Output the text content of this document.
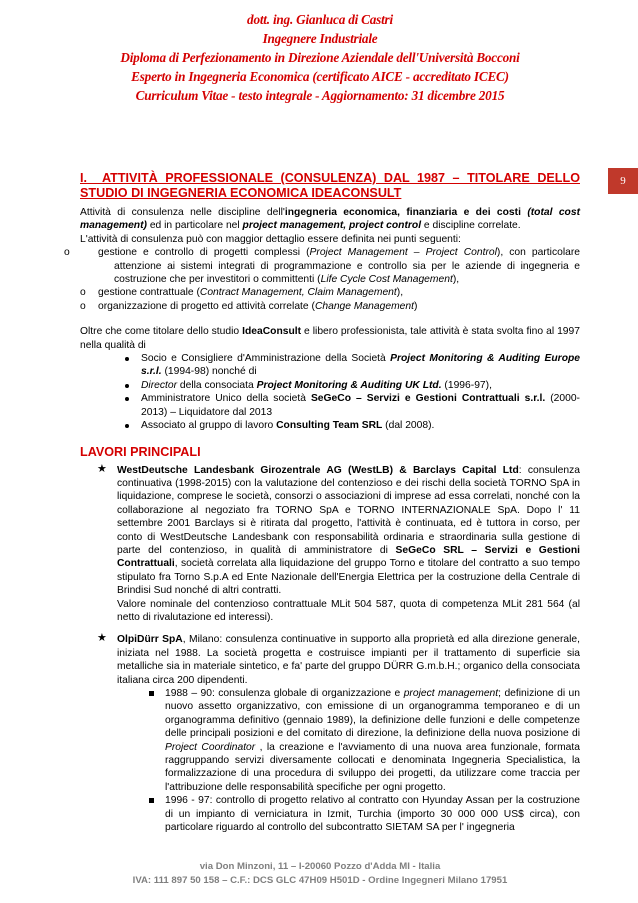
dott. ing. Gianluca di Castri
Ingegnere Industriale
Diploma di Perfezionamento in Direzione Aziendale dell'Università Bocconi
Esperto in Ingegneria Economica (certificato AICE - accreditato ICEC)
Curriculum Vitae - testo integrale - Aggiornamento: 31 dicembre 2015
9
I. ATTIVITÀ PROFESSIONALE (CONSULENZA) DAL 1987 – TITOLARE DELLO STUDIO DI INGEGNERIA ECONOMICA IDEACONSULT

Attività di consulenza nelle discipline dell'ingegneria economica, finanziaria e dei costi (total cost management) ed in particolare nel project management, project control e discipline correlate.

L'attività di consulenza può con maggior dettaglio essere definita nei punti seguenti:

o	gestione e controllo di progetti complessi (Project Management – Project Control), con particolare attenzione ai sistemi integrati di programmazione e controllo sia per le aziende di ingegneria e costruzione che per investitori o committenti (Life Cycle Cost Management),
o gestione contrattuale (Contract Management, Claim Management),
o organizzazione di progetto ed attività correlate (Change Management)

Oltre che come titolare dello studio IdeaConsult e libero professionista, tale attività è stata svolta fino al 1997 nella qualità di

Socio e Consigliere d'Amministrazione della Società Project Monitoring & Auditing Europe s.r.l. (1994-98) nonché di
Director della consociata Project Monitoring & Auditing UK Ltd. (1996-97),
Amministratore Unico della società SeGeCo – Servizi e Gestioni Contrattuali s.r.l. (2000-2013) – Liquidatore dal 2013
Associato al gruppo di lavoro Consulting Team SRL (dal 2008).
LAVORI PRINCIPALI
★ WestDeutsche Landesbank Girozentrale AG (WestLB) & Barclays Capital Ltd: consulenza continuativa (1998-2015) con la valutazione del contenzioso e dei rischi della società TORNO SpA in liquidazione, comprese le società, consorzi o associazioni di imprese ad essa correlati, nonché con la collaborazione al negoziato fra TORNO SpA e TORNO INTERNAZIONALE SpA. Dopo l' 11 settembre 2001 Barclays si è ritirata dal progetto, l'attività è continuata, ed è tuttora in corso, per conto di WestDeutsche Landesbank con responsabilità ordinaria e straordinaria sulla gestione di parte del contenzioso, in qualità di amministratore di SeGeCo SRL – Servizi e Gestioni Contrattuali, società correlata alla liquidazione del gruppo Torno e titolare del contratto a suo tempo stipulato fra Torno S.p.A ed Ente Nazionale dell'Energia Elettrica per la costruzione della Centrale di Brindisi Sud nonché di altri contratti.

Valore nominale del contenzioso contrattuale MLit 504 587, quota di competenza MLit 281 564 (al netto di rivalutazione ed interessi).

★ OlpiDürr SpA, Milano: consulenza continuative in supporto alla proprietà ed alla direzione generale, iniziata nel 1988. La società progetta e costruisce impianti per il trattamento di superficie sia metalliche sia in materiale sintetico, e fa' parte del gruppo DÜRR G.m.b.H.; organico della consociata italiana circa 200 dipendenti.

1988 – 90: consulenza globale di organizzazione e project management; definizione di un nuovo assetto organizzativo, con emissione di un organogramma temporaneo e di un organogramma definitivo (gennaio 1989), la definizione delle funzioni e delle competenze delle principali posizioni e del comitato di direzione, la definizione della nuova posizione di Project Coordinator , la creazione e l'avviamento di una nuova area funzionale, formata raggruppando servizi diversamente collocati e denominata Ingegneria Specialistica, la formalizzazione di una procedura di sviluppo dei progetti, da utilizzare come traccia per l'attribuzione delle responsabilità specifiche per ogni progetto.
1996 - 97: controllo di progetto relativo al contratto con Hyunday Assan per la costruzione di un impianto di verniciatura in Izmit, Turchia (importo 30 000 000 US$ circa), con particolare riguardo al controllo del subcontratto SIETAM SA per l' ingegneria
via Don Minzoni, 11 – I-20060 Pozzo d'Adda MI - Italia
IVA: 111 897 50 158 – C.F.: DCS GLC 47H09 H501D - Ordine Ingegneri Milano 17951
